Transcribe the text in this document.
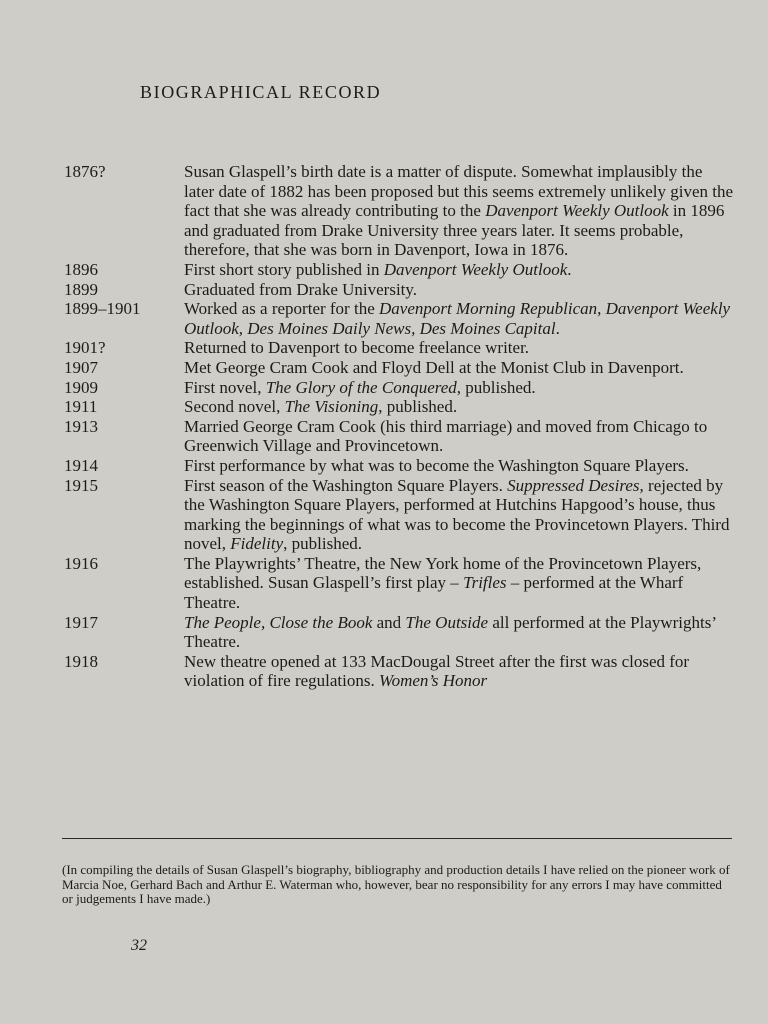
BIOGRAPHICAL RECORD
1876?	Susan Glaspell’s birth date is a matter of dispute. Somewhat implausibly the later date of 1882 has been proposed but this seems extremely unlikely given the fact that she was already contributing to the Davenport Weekly Outlook in 1896 and graduated from Drake University three years later. It seems probable, therefore, that she was born in Davenport, Iowa in 1876.
1896	First short story published in Davenport Weekly Outlook.
1899	Graduated from Drake University.
1899–1901	Worked as a reporter for the Davenport Morning Republican, Davenport Weekly Outlook, Des Moines Daily News, Des Moines Capital.
1901?	Returned to Davenport to become freelance writer.
1907	Met George Cram Cook and Floyd Dell at the Monist Club in Davenport.
1909	First novel, The Glory of the Conquered, published.
1911	Second novel, The Visioning, published.
1913	Married George Cram Cook (his third marriage) and moved from Chicago to Greenwich Village and Provincetown.
1914	First performance by what was to become the Washington Square Players.
1915	First season of the Washington Square Players. Suppressed Desires, rejected by the Washington Square Players, performed at Hutchins Hapgood’s house, thus marking the beginnings of what was to become the Provincetown Players. Third novel, Fidelity, published.
1916	The Playwrights’ Theatre, the New York home of the Provincetown Players, established. Susan Glaspell’s first play – Trifles – performed at the Wharf Theatre.
1917	The People, Close the Book and The Outside all performed at the Playwrights’ Theatre.
1918	New theatre opened at 133 MacDougal Street after the first was closed for violation of fire regulations. Women’s Honor

(In compiling the details of Susan Glaspell’s biography, bibliography and production details I have relied on the pioneer work of Marcia Noe, Gerhard Bach and Arthur E. Waterman who, however, bear no responsibility for any errors I may have committed or judgements I have made.)

32
